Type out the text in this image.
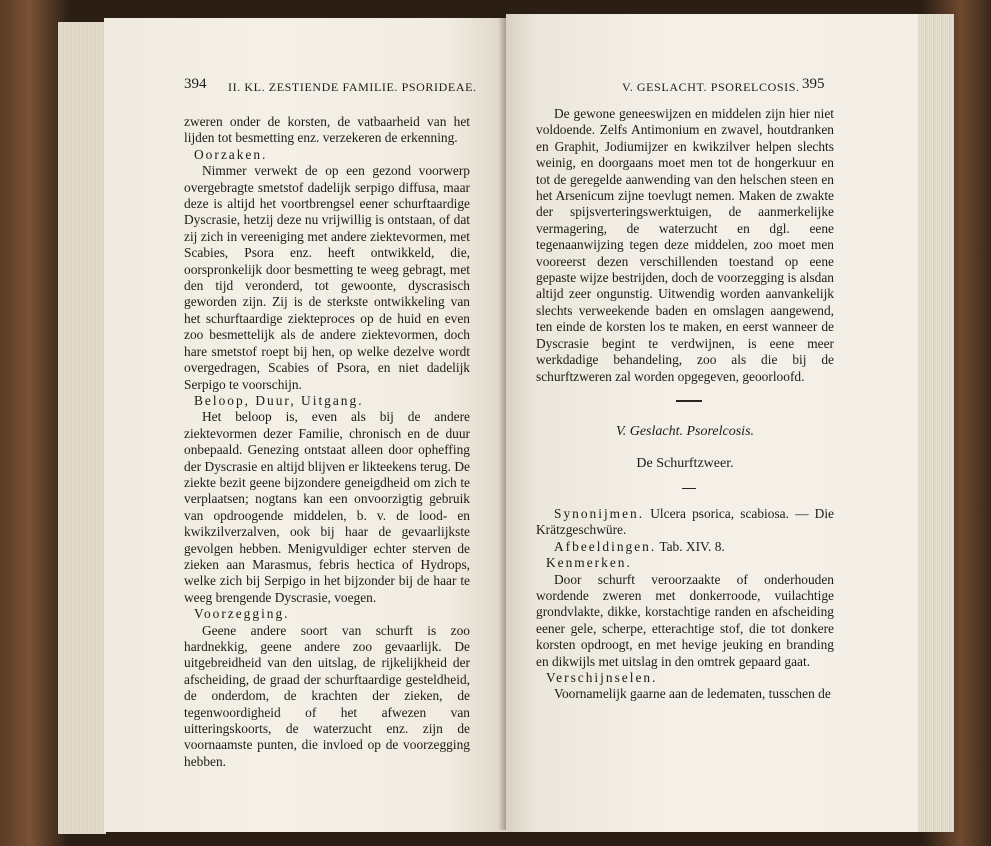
394 II. KL. ZESTIENDE FAMILIE. PSORIDEAE.

zweren onder de korsten, de vatbaarheid van het lijden tot besmetting enz. verzekeren de erkenning.

Oorzaken.

Nimmer verwekt de op een gezond voorwerp overgebragte smetstof dadelijk serpigo diffusa, maar deze is altijd het voortbrengsel eener schurftaardige Dyscrasie, hetzij deze nu vrijwillig is ontstaan, of dat zij zich in vereeniging met andere ziektevormen, met Scabies, Psora enz. heeft ontwikkeld, die, oorspronkelijk door besmetting te weeg gebragt, met den tijd veronderd, tot gewoonte, dyscrasisch geworden zijn. Zij is de sterkste ontwikkeling van het schurftaardige ziekteproces op de huid en even zoo besmettelijk als de andere ziektevormen, doch hare smetstof roept bij hen, op welke dezelve wordt overgedragen, Scabies of Psora, en niet dadelijk Serpigo te voorschijn.

Beloop, Duur, Uitgang.

Het beloop is, even als bij de andere ziektevormen dezer Familie, chronisch en de duur onbepaald. Genezing ontstaat alleen door opheffing der Dyscrasie en altijd blijven er likteekens terug. De ziekte bezit geene bijzondere geneigdheid om zich te verplaatsen; nogtans kan een onvoorzigtig gebruik van opdroogende middelen, b. v. de lood- en kwikzilverzalven, ook bij haar de gevaarlijkste gevolgen hebben. Menigvuldiger echter sterven de zieken aan Marasmus, febris hectica of Hydrops, welke zich bij Serpigo in het bijzonder bij de haar te weeg brengende Dyscrasie, voegen.

Voorzegging.

Geene andere soort van schurft is zoo hardnekkig, geene andere zoo gevaarlijk. De uitgebreidheid van den uitslag, de rijkelijkheid der afscheiding, de graad der schurftaardige gesteldheid, de onderdom, de krachten der zieken, de tegenwoordigheid of het afwezen van uitteringskoorts, de waterzucht enz. zijn de voornaamste punten, die invloed op de voorzegging hebben.

V. GESLACHT. PSORELCOSIS. 395

De gewone geneeswijzen en middelen zijn hier niet voldoende. Zelfs Antimonium en zwavel, houtdranken en Graphit, Jodiumijzer en kwikzilver helpen slechts weinig, en doorgaans moet men tot de hongerkuur en tot de geregelde aanwending van den helschen steen en het Arsenicum zijne toevlugt nemen. Maken de zwakte der spijsverteringswerktuigen, de aanmerkelijke vermagering, de waterzucht en dgl. eene tegenaanwijzing tegen deze middelen, zoo moet men vooreerst dezen verschillenden toestand op eene gepaste wijze bestrijden, doch de voorzegging is alsdan altijd zeer ongunstig. Uitwendig worden aanvankelijk slechts verweekende baden en omslagen aangewend, ten einde de korsten los te maken, en eerst wanneer de Dyscrasie begint te verdwijnen, is eene meer werkdadige behandeling, zoo als die bij de schurftzweren zal worden opgegeven, geoorloofd.

V. Geslacht. Psorelcosis.
De Schurftzweer.

Synonijmen. Ulcera psorica, scabiosa. — Die Krätzgeschwüre.

Afbeeldingen. Tab. XIV. 8.

Kenmerken.

Door schurft veroorzaakte of onderhouden wordende zweren met donkerroode, vuilachtige grondvlakte, dikke, korstachtige randen en afscheiding eener gele, scherpe, etterachtige stof, die tot donkere korsten opdroogt, en met hevige jeuking en branding en dikwijls met uitslag in den omtrek gepaard gaat.

Verschijnselen.

Voornamelijk gaarne aan de ledematen, tusschen de
